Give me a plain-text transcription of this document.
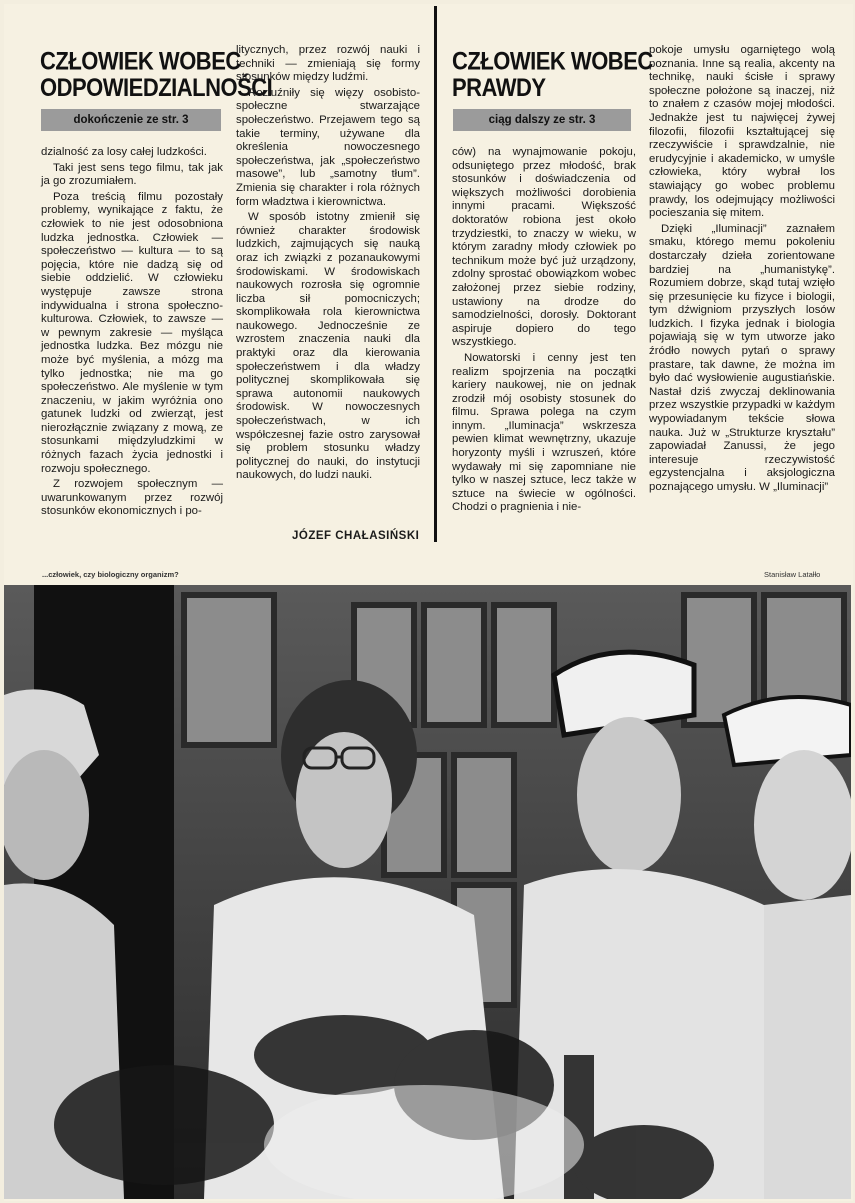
CZŁOWIEK WOBEC
ODPOWIEDZIALNOŚCI
dokończenie ze str. 3

dzialność za losy całej ludzkości.

Taki jest sens tego filmu, tak jak ja go zrozumiałem.

Poza treścią filmu pozostały problemy, wynikające z faktu, że człowiek to nie jest odosobniona ludzka jednostka. Człowiek — społeczeństwo — kultura — to są pojęcia, które nie dadzą się od siebie oddzielić. W człowieku występuje zawsze strona indywidualna i strona społeczno-kulturowa. Człowiek, to zawsze — w pewnym zakresie — myśląca jednostka ludzka. Bez mózgu nie może być myślenia, a mózg ma tylko jednostka; nie ma go społeczeństwo. Ale myślenie w tym znaczeniu, w jakim wyróżnia ono gatunek ludzki od zwierząt, jest nierozłącznie związany z mową, ze stosunkami międzyludzkimi w różnych fazach życia jednostki i rozwoju społecznego.

Z rozwojem społecznym — uwarunkowanym przez rozwój stosunków ekonomicznych i po-

litycznych, przez rozwój nauki i techniki — zmieniają się formy stosunków między ludźmi.

Rozluźniły się więzy osobisto-społeczne stwarzające społeczeństwo. Przejawem tego są takie terminy, używane dla określenia nowoczesnego społeczeństwa, jak „społeczeństwo masowe”, lub „samotny tłum”. Zmienia się charakter i rola różnych form władztwa i kierownictwa.

W sposób istotny zmienił się również charakter środowisk ludzkich, zajmujących się nauką oraz ich związki z pozanaukowymi środowiskami. W środowiskach naukowych rozrosła się ogromnie liczba sił pomocniczych; skomplikowała rola kierownictwa naukowego. Jednocześnie ze wzrostem znaczenia nauki dla praktyki oraz dla kierowania społeczeństwem i dla władzy politycznej skomplikowała się sprawa autonomii naukowych środowisk. W nowoczesnych społeczeństwach, w ich współczesnej fazie ostro zarysował się problem stosunku władzy politycznej do nauki, do instytucji naukowych, do ludzi nauki.

JÓZEF CHAŁASIŃSKI
CZŁOWIEK WOBEC
PRAWDY
ciąg dalszy ze str. 3

ców) na wynajmowanie pokoju, odsuniętego przez młodość, brak stosunków i doświadczenia od większych możliwości dorobienia innymi pracami. Większość doktoratów robiona jest około trzydziestki, to znaczy w wieku, w którym zaradny młody człowiek po technikum może być już urządzony, zdolny sprostać obowiązkom wobec założonej przez siebie rodziny, ustawiony na drodze do samodzielności, dorosły. Doktorant aspiruje dopiero do tego wszystkiego.

Nowatorski i cenny jest ten realizm spojrzenia na początki kariery naukowej, nie on jednak zrodził mój osobisty stosunek do filmu. Sprawa polega na czym innym. „Iluminacja” wskrzesza pewien klimat wewnętrzny, ukazuje horyzonty myśli i wzruszeń, które wydawały mi się zapomniane nie tylko w naszej sztuce, lecz także w sztuce na świecie w ogólności. Chodzi o pragnienia i nie-

pokoje umysłu ogarniętego wolą poznania. Inne są realia, akcenty na technikę, nauki ścisłe i sprawy społeczne położone są inaczej, niż to znałem z czasów mojej młodości. Jednakże jest tu najwięcej żywej filozofii, filozofii kształtującej się rzeczywiście i sprawdzalnie, nie erudycyjnie i akademicko, w umyśle człowieka, który wybrał los stawiający go wobec problemu prawdy, los odejmujący możliwości pocieszania się mitem.

Dzięki „Iluminacji” zaznałem smaku, którego memu pokoleniu dostarczały dzieła zorientowane bardziej na „humanistykę”. Rozumiem dobrze, skąd tutaj wzięło się przesunięcie ku fizyce i biologii, tym dźwigniom przyszłych losów ludzkich. I fizyka jednak i biologia pojawiają się w tym utworze jako źródło nowych pytań o sprawy prastare, tak dawne, że można im było dać wysłowienie augustiańskie. Nastał dziś zwyczaj deklinowania przez wszystkie przypadki w każdym wypowiadanym tekście słowa nauka. Już w „Strukturze kryształu” zapowiadał Zanussi, że jego interesuje rzeczywistość egzystencjalna i aksjologiczna poznającego umysłu. W „Iluminacji”

...człowiek, czy biologiczny organizm?	Stanisław Latałło
